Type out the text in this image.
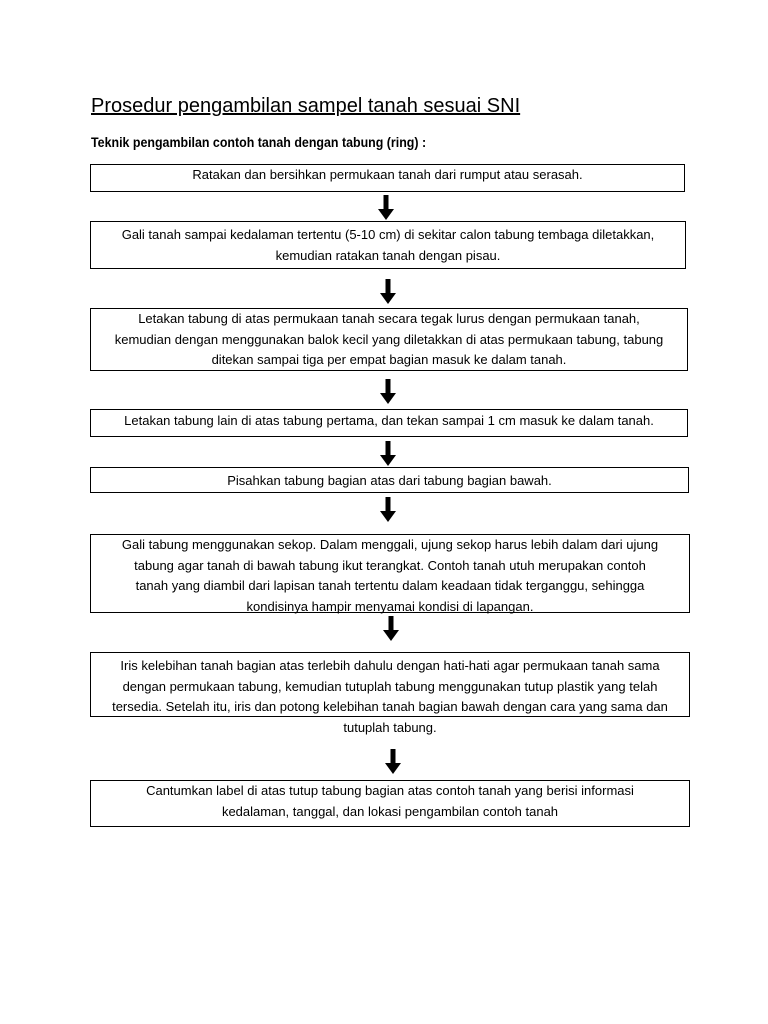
Prosedur pengambilan sampel tanah sesuai SNI
Teknik pengambilan contoh tanah dengan tabung (ring) :
Ratakan dan bersihkan permukaan tanah dari rumput atau serasah.
Gali tanah sampai kedalaman tertentu (5-10 cm) di sekitar calon tabung tembaga diletakkan,
kemudian ratakan tanah dengan pisau.
Letakan tabung di atas permukaan tanah secara tegak lurus dengan permukaan tanah,
kemudian dengan menggunakan balok kecil yang diletakkan di atas permukaan tabung, tabung
ditekan sampai tiga per empat bagian masuk ke dalam tanah.
Letakan tabung lain di atas tabung pertama, dan tekan sampai 1 cm masuk ke dalam tanah.
Pisahkan tabung bagian atas dari tabung bagian bawah.
Gali tabung menggunakan sekop. Dalam menggali, ujung sekop harus lebih dalam dari ujung
tabung agar tanah di bawah tabung ikut terangkat. Contoh tanah utuh merupakan contoh
tanah yang diambil dari lapisan tanah tertentu dalam keadaan tidak terganggu, sehingga
kondisinya hampir menyamai kondisi di lapangan.
Iris kelebihan tanah bagian atas terlebih dahulu dengan hati-hati agar permukaan tanah sama
dengan permukaan tabung, kemudian tutuplah tabung menggunakan tutup plastik yang telah
tersedia. Setelah itu, iris dan potong kelebihan tanah bagian bawah dengan cara yang sama dan
tutuplah tabung.
Cantumkan label di atas tutup tabung bagian atas contoh tanah yang berisi informasi
kedalaman, tanggal, dan lokasi pengambilan contoh tanah
